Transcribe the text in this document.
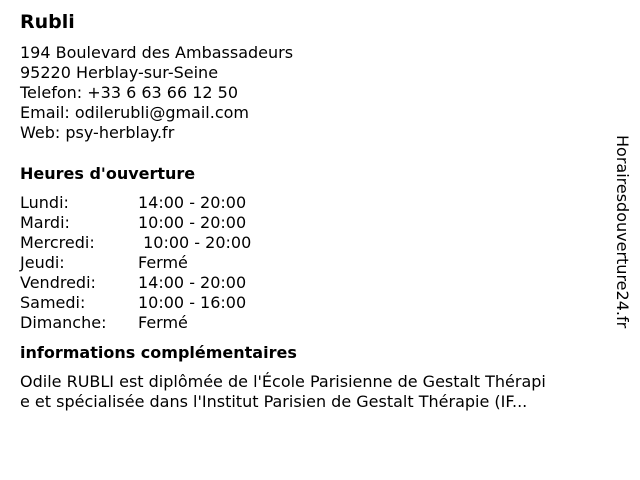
Rubli
194 Boulevard des Ambassadeurs
95220 Herblay-sur-Seine
Telefon: +33 6 63 66 12 50
Email: odilerubli@gmail.com
Web: psy-herblay.fr
Heures d'ouverture
Lundi:	14:00 - 20:00
Mardi:	10:00 - 20:00
Mercredi:	10:00 - 20:00
Jeudi:	Fermé
Vendredi:	14:00 - 20:00
Samedi:	10:00 - 16:00
Dimanche:	Fermé
informations complémentaires
Odile RUBLI est diplômée de l'École Parisienne de Gestalt Thérapi
e et spécialisée dans l'Institut Parisien de Gestalt Thérapie (IF...
Horairesdouverture24.fr
